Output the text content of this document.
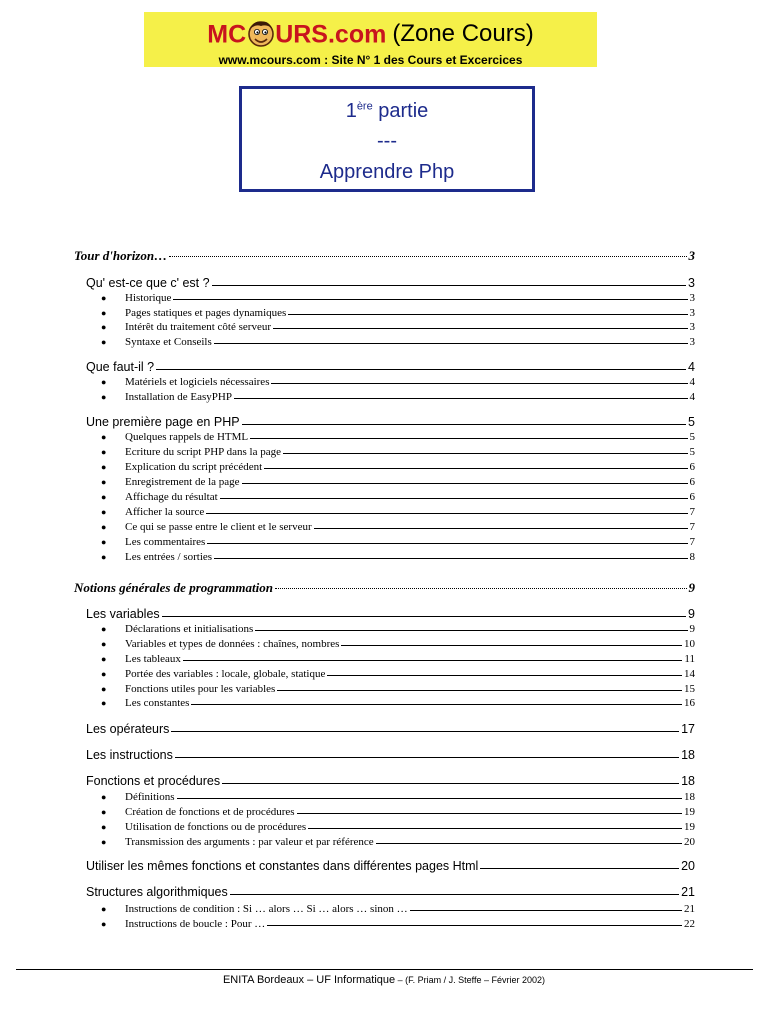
MC URS.com (Zone Cours)
www.mcours.com : Site N° 1 des Cours et Excercices
1ère partie
---
Apprendre Php
Tour d'horizon…	3
Qu' est-ce que c' est ?	3
Historique	3
●
Pages statiques et pages dynamiques	3
●
Intérêt du traitement côté serveur	3
●
Syntaxe et Conseils	3
●
Que faut-il ?	4
Matériels et logiciels nécessaires	4
●
Installation de EasyPHP	4
●
Une première page en PHP	5
Quelques rappels de HTML	5
●
Ecriture du script PHP dans la page	5
●
Explication du script précédent	6
●
Enregistrement de la page	6
●
Affichage du résultat	6
●
Afficher la source	7
●
Ce qui se passe entre le client et le serveur	7
●
Les commentaires	7
●
Les entrées / sorties	8
●
Notions générales de programmation	9
Les variables	9
Déclarations et initialisations	9
●
Variables et types de données : chaînes, nombres	10
●
Les tableaux	11
●
Portée des variables : locale, globale, statique	14
●
Fonctions utiles pour les variables	15
●
Les constantes	16
●
Les opérateurs	17
Les instructions	18
Fonctions et procédures	18
Définitions	18
●
Création de fonctions et de procédures	19
●
Utilisation de fonctions ou de procédures	19
●
Transmission des arguments : par valeur et par référence	20
●
Utiliser les mêmes fonctions et constantes dans différentes pages Html	20
Structures algorithmiques	21
Instructions de condition : Si … alors … Si … alors … sinon …	21
●
Instructions de boucle : Pour …	22
●
ENITA Bordeaux – UF Informatique – (F. Priam / J. Steffe – Février 2002)
